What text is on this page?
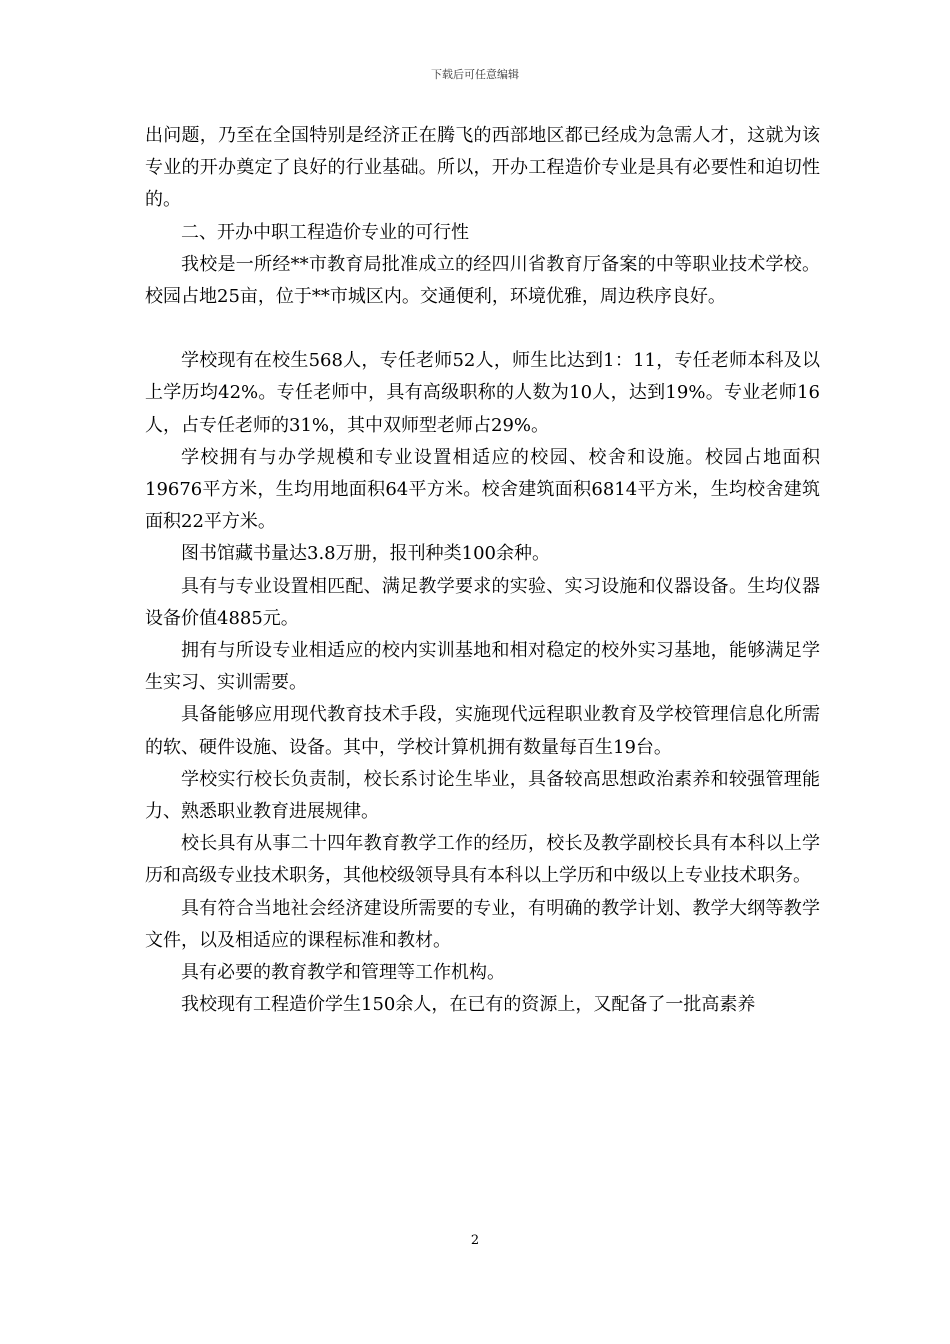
下载后可任意编辑

出问题，乃至在全国特别是经济正在腾飞的西部地区都已经成为急需人才，这就为该专业的开办奠定了良好的行业基础。所以，开办工程造价专业是具有必要性和迫切性的。

二、开办中职工程造价专业的可行性

我校是一所经**市教育局批准成立的经四川省教育厅备案的中等职业技术学校。校园占地25亩，位于**市城区内。交通便利，环境优雅，周边秩序良好。

学校现有在校生568人，专任老师52人，师生比达到1：11，专任老师本科及以上学历均42%。专任老师中，具有高级职称的人数为10人，达到19%。专业老师16人，占专任老师的31%，其中双师型老师占29%。

学校拥有与办学规模和专业设置相适应的校园、校舍和设施。校园占地面积19676平方米，生均用地面积64平方米。校舍建筑面积6814平方米，生均校舍建筑面积22平方米。

图书馆藏书量达3.8万册，报刊种类100余种。

具有与专业设置相匹配、满足教学要求的实验、实习设施和仪器设备。生均仪器设备价值4885元。

拥有与所设专业相适应的校内实训基地和相对稳定的校外实习基地，能够满足学生实习、实训需要。

具备能够应用现代教育技术手段，实施现代远程职业教育及学校管理信息化所需的软、硬件设施、设备。其中，学校计算机拥有数量每百生19台。

学校实行校长负责制，校长系讨论生毕业，具备较高思想政治素养和较强管理能力、熟悉职业教育进展规律。

校长具有从事二十四年教育教学工作的经历，校长及教学副校长具有本科以上学历和高级专业技术职务，其他校级领导具有本科以上学历和中级以上专业技术职务。

具有符合当地社会经济建设所需要的专业，有明确的教学计划、教学大纲等教学文件，以及相适应的课程标准和教材。

具有必要的教育教学和管理等工作机构。

我校现有工程造价学生150余人，在已有的资源上，又配备了一批高素养

2
